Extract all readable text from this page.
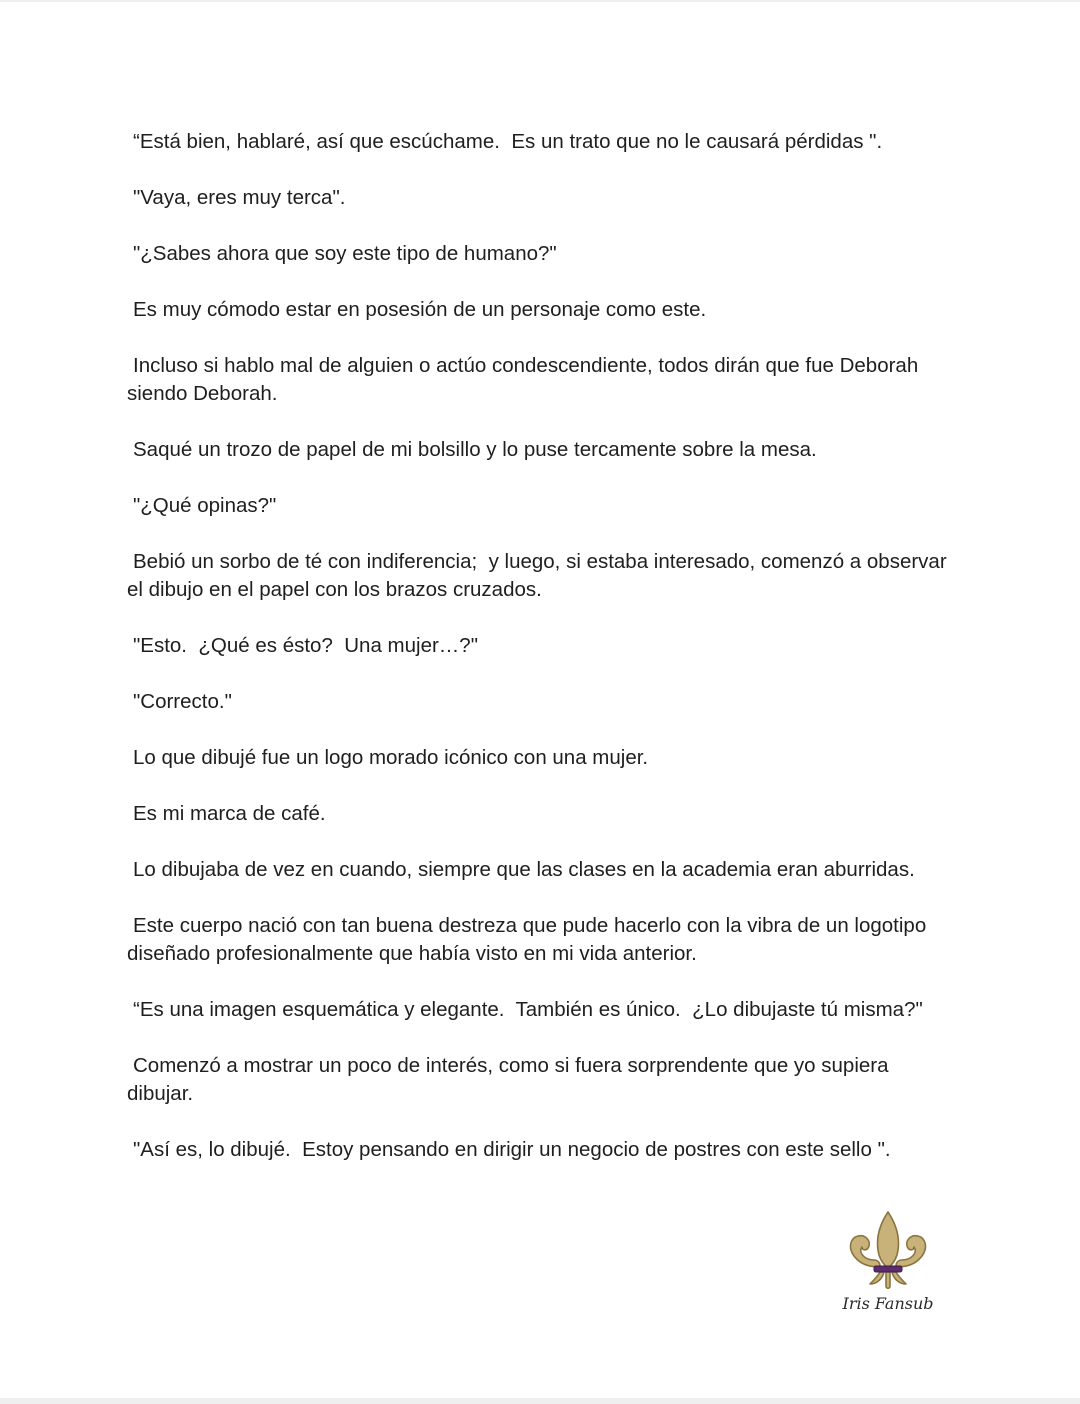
“Está bien, hablaré, así que escúchame.  Es un trato que no le causará pérdidas ".

"Vaya, eres muy terca".

"¿Sabes ahora que soy este tipo de humano?"

Es muy cómodo estar en posesión de un personaje como este.

Incluso si hablo mal de alguien o actúo condescendiente, todos dirán que fue Deborah siendo Deborah.

Saqué un trozo de papel de mi bolsillo y lo puse tercamente sobre la mesa.

"¿Qué opinas?"

Bebió un sorbo de té con indiferencia;  y luego, si estaba interesado, comenzó a observar el dibujo en el papel con los brazos cruzados.

"Esto.  ¿Qué es ésto?  Una mujer…?"

"Correcto."

Lo que dibujé fue un logo morado icónico con una mujer.

Es mi marca de café.

Lo dibujaba de vez en cuando, siempre que las clases en la academia eran aburridas.

Este cuerpo nació con tan buena destreza que pude hacerlo con la vibra de un logotipo diseñado profesionalmente que había visto en mi vida anterior.

“Es una imagen esquemática y elegante.  También es único.  ¿Lo dibujaste tú misma?"

Comenzó a mostrar un poco de interés, como si fuera sorprendente que yo supiera dibujar.

"Así es, lo dibujé.  Estoy pensando en dirigir un negocio de postres con este sello ".

Iris Fansub
